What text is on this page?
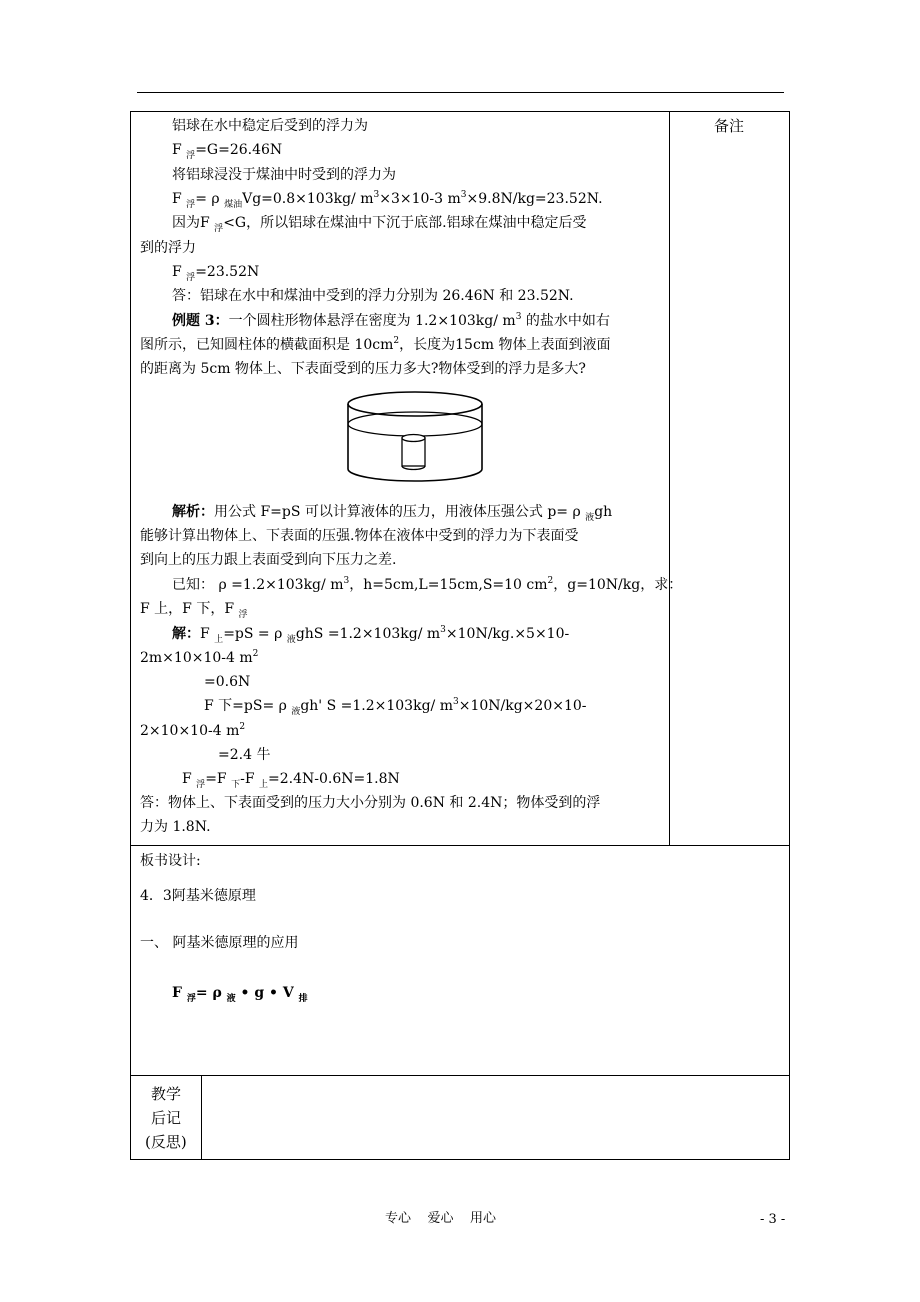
备注
铝球在水中稳定后受到的浮力为
F $_浮$=G=26.46N
将铝球浸没于煤油中时受到的浮力为
F $_浮$= ρ $_{煤油}$Vg=0.8×103kg/ $m^3\times 3\times 10-3$ $m^3\times 9.8N/kg=23.52N$.
因为F $_浮$<G，所以铝球在煤油中下沉于底部.铝球在煤油中稳定后受
到的浮力
F $_浮$=23.52N
答：铝球在水中和煤油中受到的浮力分别为 26.46N 和 23.52N.
例题 3：一个圆柱形物体悬浮在密度为 1.2×103kg/ $m^3$ 的盐水中如右
图所示，已知圆柱体的横截面积是 $10cm^2$，长度为15cm 物体上表面到液面
的距离为 5cm 物体上、下表面受到的压力多大?物体受到的浮力是多大?
解析：用公式 F=pS 可以计算液体的压力，用液体压强公式 p= ρ $_液$gh
能够计算出物体上、下表面的压强.物体在液体中受到的浮力为下表面受
到向上的压力跟上表面受到向下压力之差.
已知： ρ =1.2×103kg/ $m^3$，h=5cm,L=15cm,S=10 $cm^2$，g=10N/kg，求：
F 上，F 下，F $_浮$
解：F $_上$=pS = ρ $_液$ghS =1.2×103kg/ $m^3\times 10N/kg.\times 5\times 10-$
2m×10×10-4 $m^2$
=0.6N
F 下=pS= ρ $_液$gh' S =1.2×103kg/ $m^3\times 10N/kg\times 20\times 10-$
2×10×10-4 $m^2$
=2.4 牛
F $_浮$=F $_下$-F $_上$=2.4N-0.6N=1.8N
答：物体上、下表面受到的压力大小分别为 0.6N 和 2.4N；物体受到的浮
力为 1.8N.
板书设计:
4．3阿基米德原理
一、 阿基米德原理的应用
F $_浮$= ρ $_液$ • g • V $_排$
教学
后记
(反思)
专心    爱心    用心	- 3 -
